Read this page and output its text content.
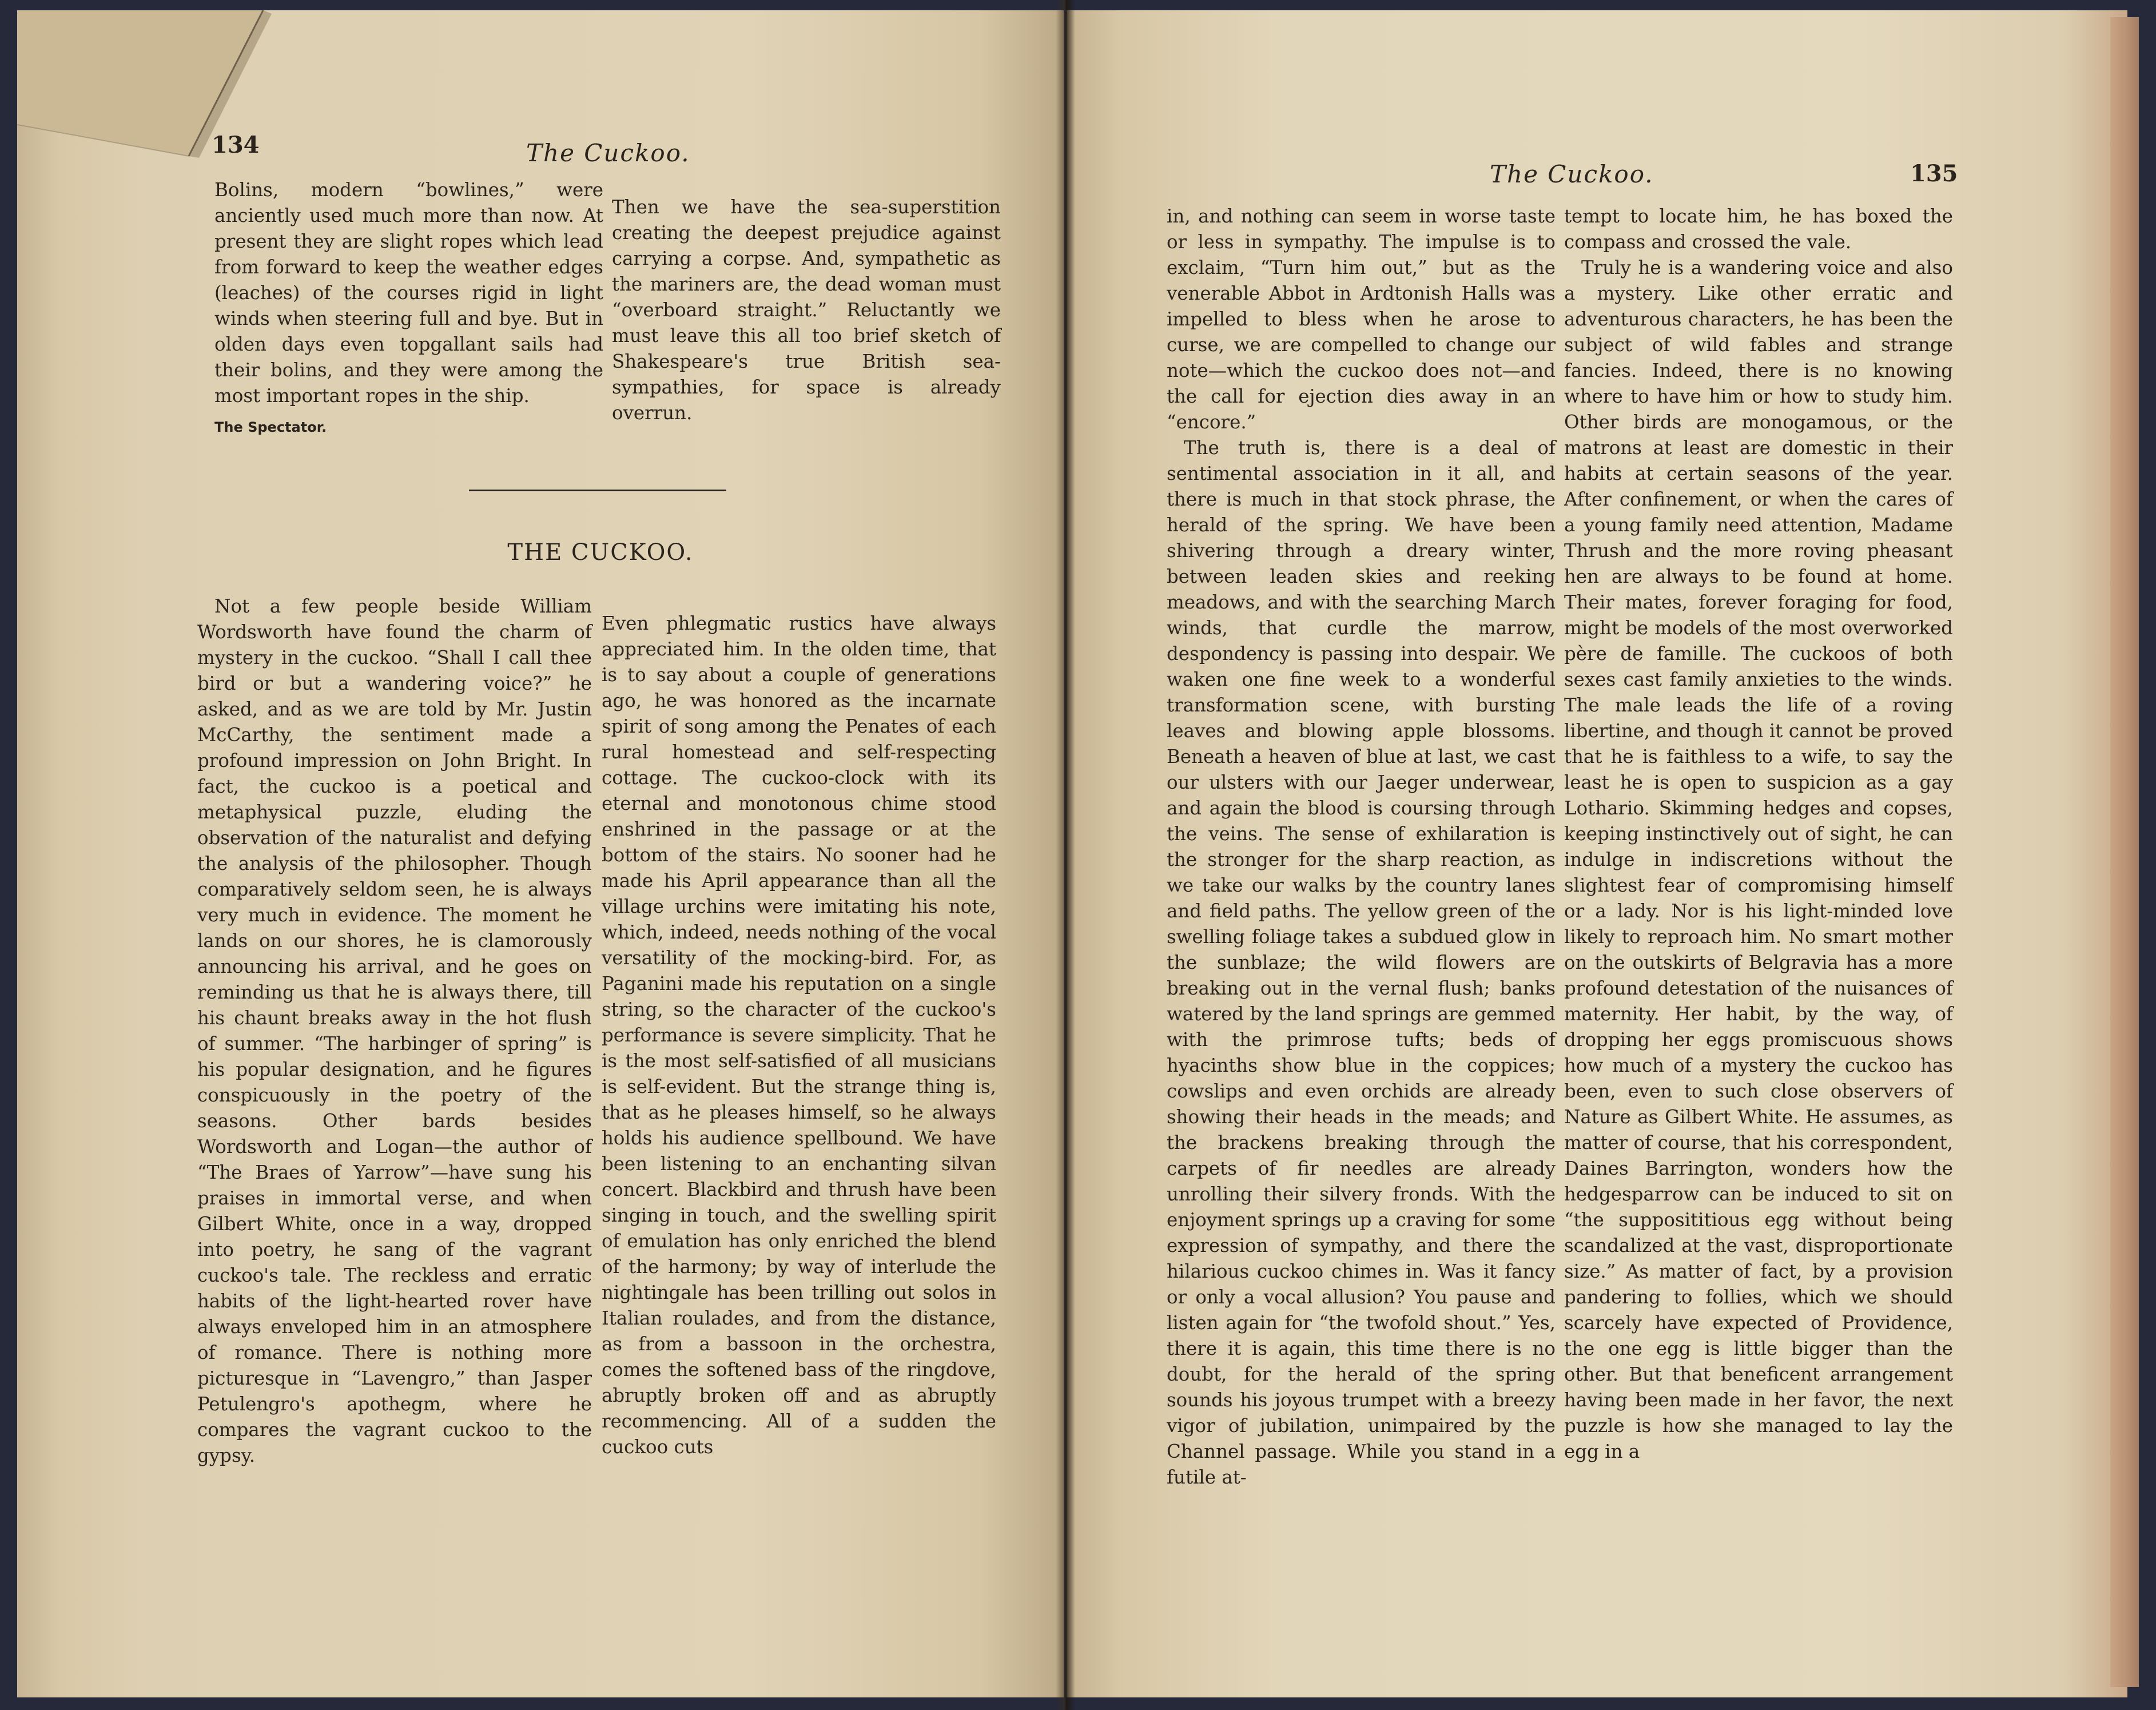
134	The Cuckoo.

Bolins, modern “bowlines,” were anciently used much more than now. At present they are slight ropes which lead from forward to keep the weather edges (leaches) of the courses rigid in light winds when steering full and bye. But in olden days even topgallant sails had their bolins, and they were among the most important ropes in the ship.

The Spectator.

Then we have the sea-superstition creating the deepest prejudice against carrying a corpse. And, sympathetic as the mariners are, the dead woman must “overboard straight.” Reluctantly we must leave this all too brief sketch of Shakespeare's true British sea-sympathies, for space is already overrun.

THE CUCKOO.

Not a few people beside William Wordsworth have found the charm of mystery in the cuckoo. “Shall I call thee bird or but a wandering voice?” he asked, and as we are told by Mr. Justin McCarthy, the sentiment made a profound impression on John Bright. In fact, the cuckoo is a poetical and metaphysical puzzle, eluding the observation of the naturalist and defying the analysis of the philosopher. Though comparatively seldom seen, he is always very much in evidence. The moment he lands on our shores, he is clamorously announcing his arrival, and he goes on reminding us that he is always there, till his chaunt breaks away in the hot flush of summer. “The harbinger of spring” is his popular designation, and he figures conspicuously in the poetry of the seasons. Other bards besides Wordsworth and Logan—the author of “The Braes of Yarrow”—have sung his praises in immortal verse, and when Gilbert White, once in a way, dropped into poetry, he sang of the vagrant cuckoo's tale. The reckless and erratic habits of the light-hearted rover have always enveloped him in an atmosphere of romance. There is nothing more picturesque in “Lavengro,” than Jasper Petulengro's apothegm, where he compares the vagrant cuckoo to the gypsy.

Even phlegmatic rustics have always appreciated him. In the olden time, that is to say about a couple of generations ago, he was honored as the incarnate spirit of song among the Penates of each rural homestead and self-respecting cottage. The cuckoo-clock with its eternal and monotonous chime stood enshrined in the passage or at the bottom of the stairs. No sooner had he made his April appearance than all the village urchins were imitating his note, which, indeed, needs nothing of the vocal versatility of the mocking-bird. For, as Paganini made his reputation on a single string, so the character of the cuckoo's performance is severe simplicity. That he is the most self-satisfied of all musicians is self-evident. But the strange thing is, that as he pleases himself, so he always holds his audience spellbound. We have been listening to an enchanting silvan concert. Blackbird and thrush have been singing in touch, and the swelling spirit of emulation has only enriched the blend of the harmony; by way of interlude the nightingale has been trilling out solos in Italian roulades, and from the distance, as from a bassoon in the orchestra, comes the softened bass of the ringdove, abruptly broken off and as abruptly recommencing. All of a sudden the cuckoo cuts

The Cuckoo.	135

in, and nothing can seem in worse taste or less in sympathy. The impulse is to exclaim, “Turn him out,” but as the venerable Abbot in Ardtonish Halls was impelled to bless when he arose to curse, we are compelled to change our note—which the cuckoo does not—and the call for ejection dies away in an “encore.”

The truth is, there is a deal of sentimental association in it all, and there is much in that stock phrase, the herald of the spring. We have been shivering through a dreary winter, between leaden skies and reeking meadows, and with the searching March winds, that curdle the marrow, despondency is passing into despair. We waken one fine week to a wonderful transformation scene, with bursting leaves and blowing apple blossoms. Beneath a heaven of blue at last, we cast our ulsters with our Jaeger underwear, and again the blood is coursing through the veins. The sense of exhilaration is the stronger for the sharp reaction, as we take our walks by the country lanes and field paths. The yellow green of the swelling foliage takes a subdued glow in the sunblaze; the wild flowers are breaking out in the vernal flush; banks watered by the land springs are gemmed with the primrose tufts; beds of hyacinths show blue in the coppices; cowslips and even orchids are already showing their heads in the meads; and the brackens breaking through the carpets of fir needles are already unrolling their silvery fronds. With the enjoyment springs up a craving for some expression of sympathy, and there the hilarious cuckoo chimes in. Was it fancy or only a vocal allusion? You pause and listen again for “the twofold shout.” Yes, there it is again, this time there is no doubt, for the herald of the spring sounds his joyous trumpet with a breezy vigor of jubilation, unimpaired by the Channel passage. While you stand in a futile at-

tempt to locate him, he has boxed the compass and crossed the vale.

Truly he is a wandering voice and also a mystery. Like other erratic and adventurous characters, he has been the subject of wild fables and strange fancies. Indeed, there is no knowing where to have him or how to study him. Other birds are monogamous, or the matrons at least are domestic in their habits at certain seasons of the year. After confinement, or when the cares of a young family need attention, Madame Thrush and the more roving pheasant hen are always to be found at home. Their mates, forever foraging for food, might be models of the most overworked père de famille. The cuckoos of both sexes cast family anxieties to the winds. The male leads the life of a roving libertine, and though it cannot be proved that he is faithless to a wife, to say the least he is open to suspicion as a gay Lothario. Skimming hedges and copses, keeping instinctively out of sight, he can indulge in indiscretions without the slightest fear of compromising himself or a lady. Nor is his light-minded love likely to reproach him. No smart mother on the outskirts of Belgravia has a more profound detestation of the nuisances of maternity. Her habit, by the way, of dropping her eggs promiscuous shows how much of a mystery the cuckoo has been, even to such close observers of Nature as Gilbert White. He assumes, as matter of course, that his correspondent, Daines Barrington, wonders how the hedgesparrow can be induced to sit on “the supposititious egg without being scandalized at the vast, disproportionate size.” As matter of fact, by a provision pandering to follies, which we should scarcely have expected of Providence, the one egg is little bigger than the other. But that beneficent arrangement having been made in her favor, the next puzzle is how she managed to lay the egg in a
